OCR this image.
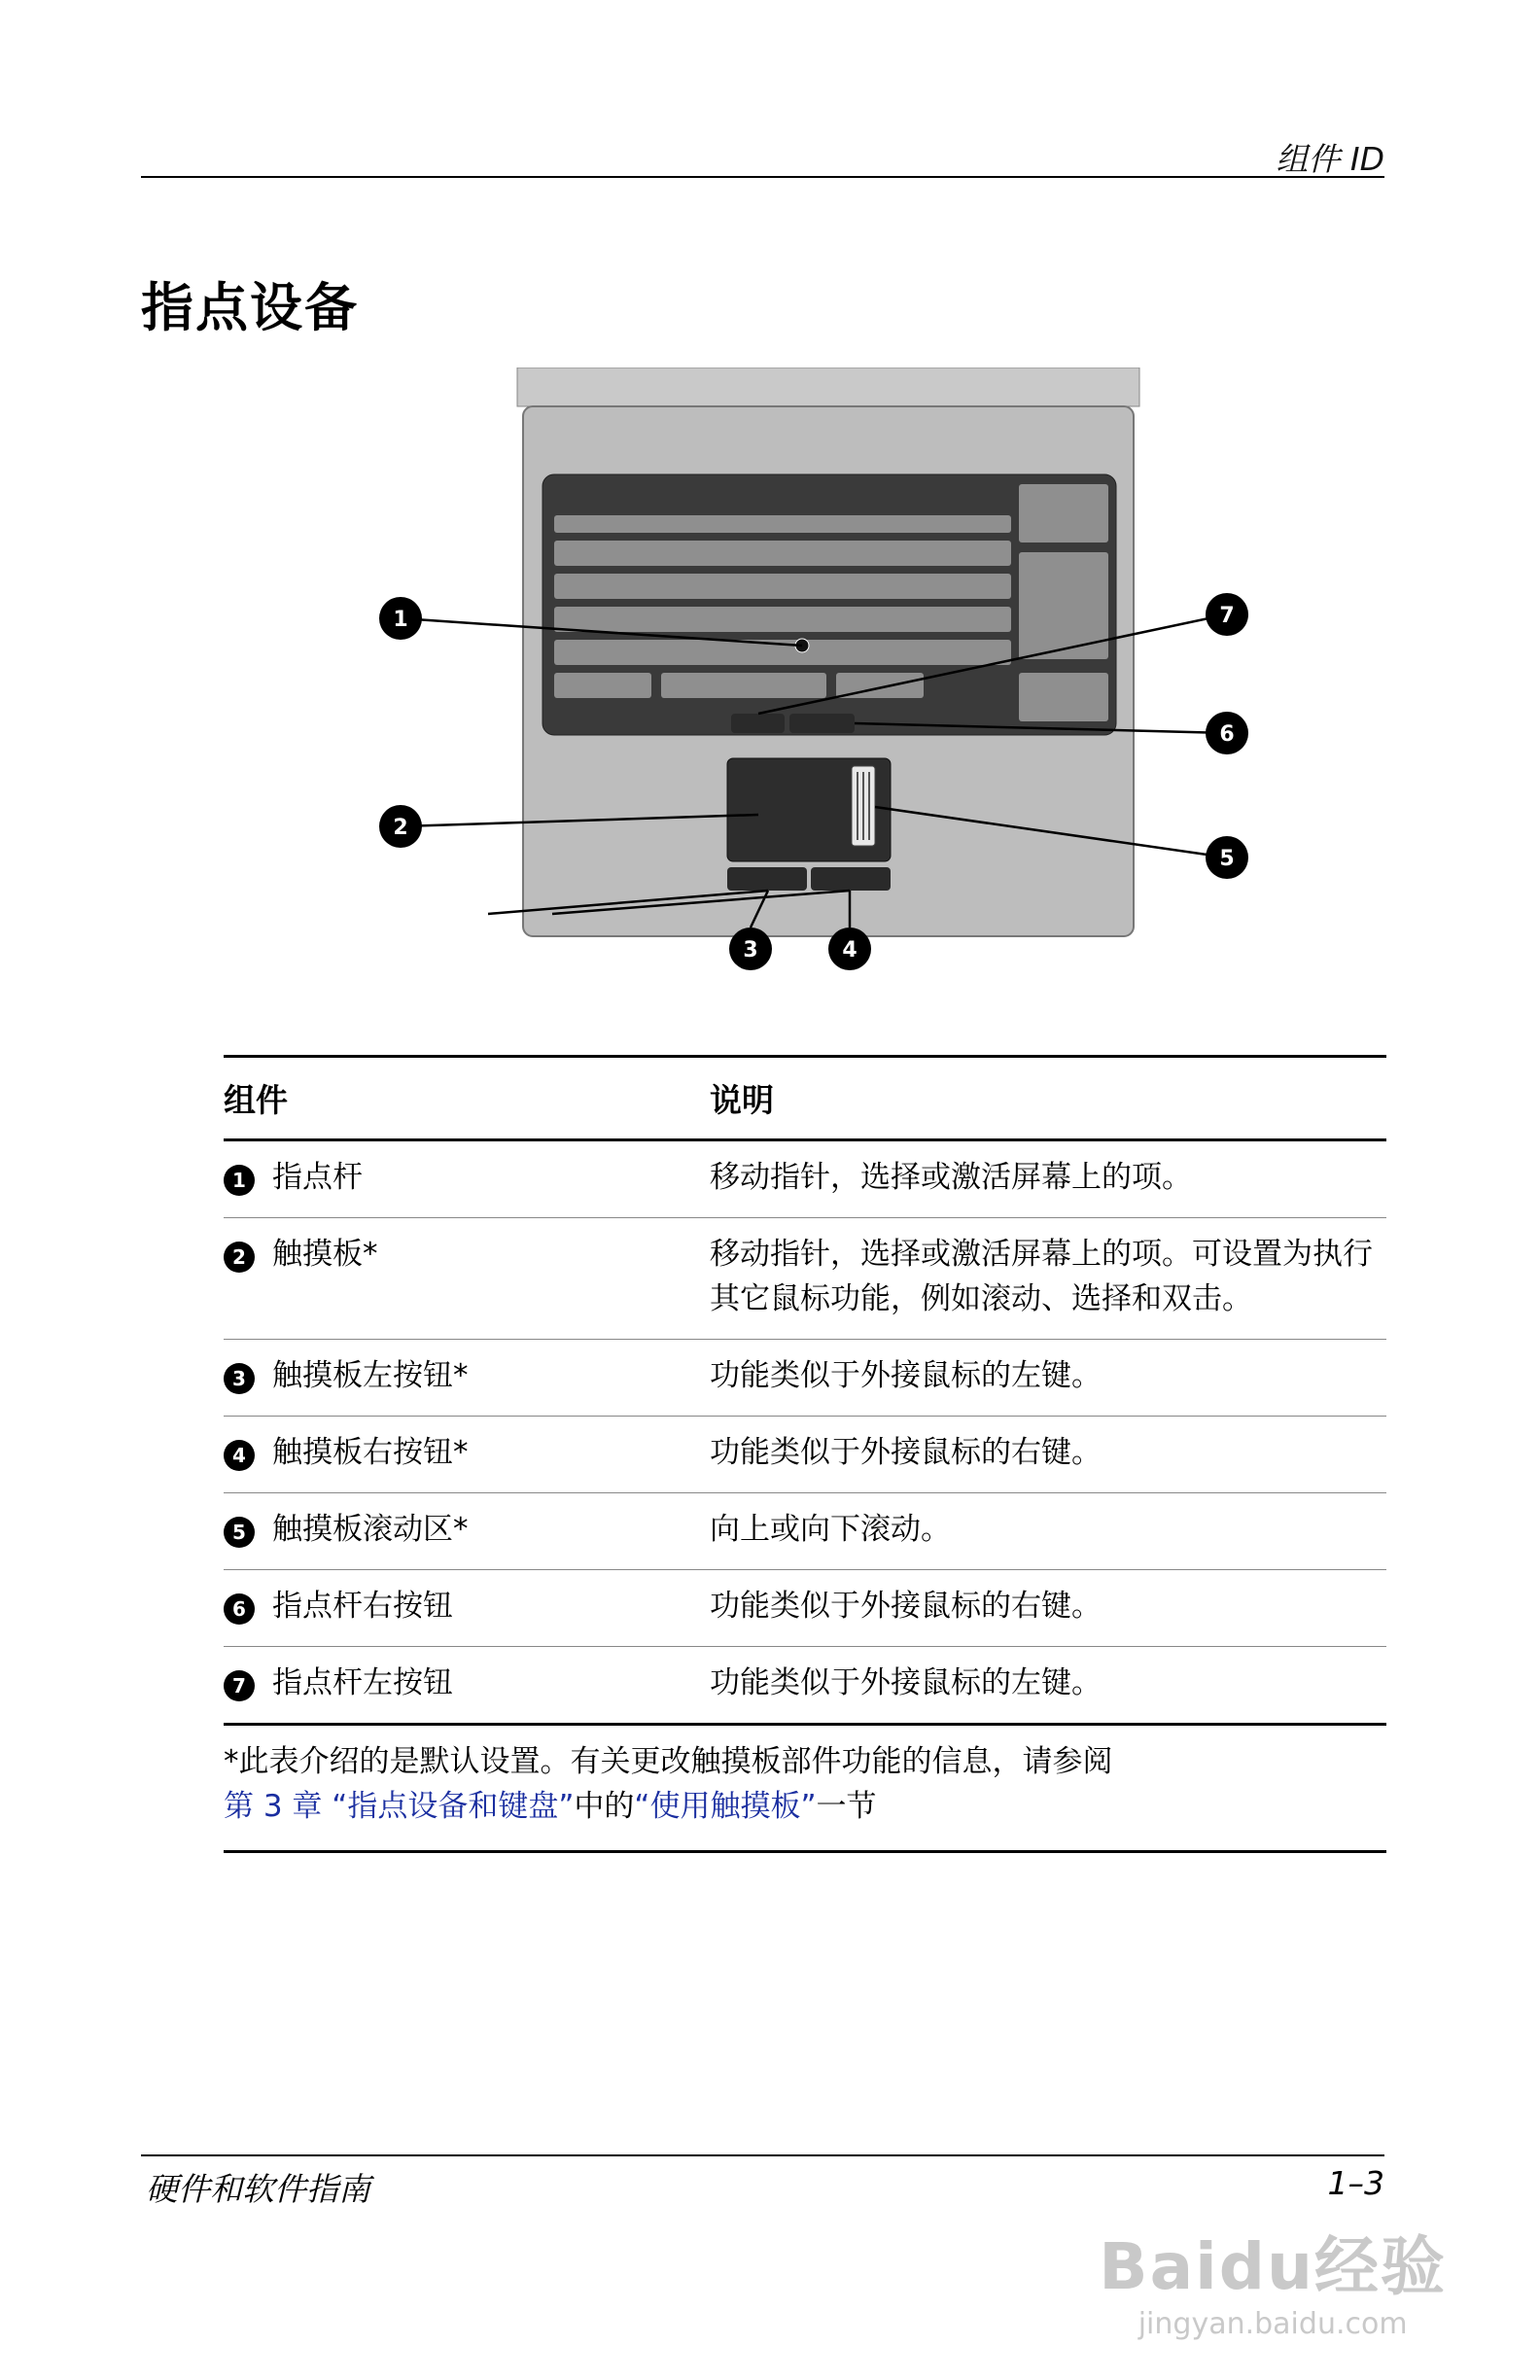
组件 ID
指点设备
1
2
3	4
5
6
7
组件		说明
1	指点杆	移动指针，选择或激活屏幕上的项。
2	触摸板*	移动指针，选择或激活屏幕上的项。可设置为执行其它鼠标功能，例如滚动、选择和双击。
3	触摸板左按钮*	功能类似于外接鼠标的左键。
4	触摸板右按钮*	功能类似于外接鼠标的右键。
5	触摸板滚动区*	向上或向下滚动。
6	指点杆右按钮	功能类似于外接鼠标的右键。
7	指点杆左按钮	功能类似于外接鼠标的左键。
*此表介绍的是默认设置。有关更改触摸板部件功能的信息，请参阅
第 3 章 “指点设备和键盘”中的“使用触摸板”一节		
硬件和软件指南	1–3
Baidu经验
jingyan.baidu.com
